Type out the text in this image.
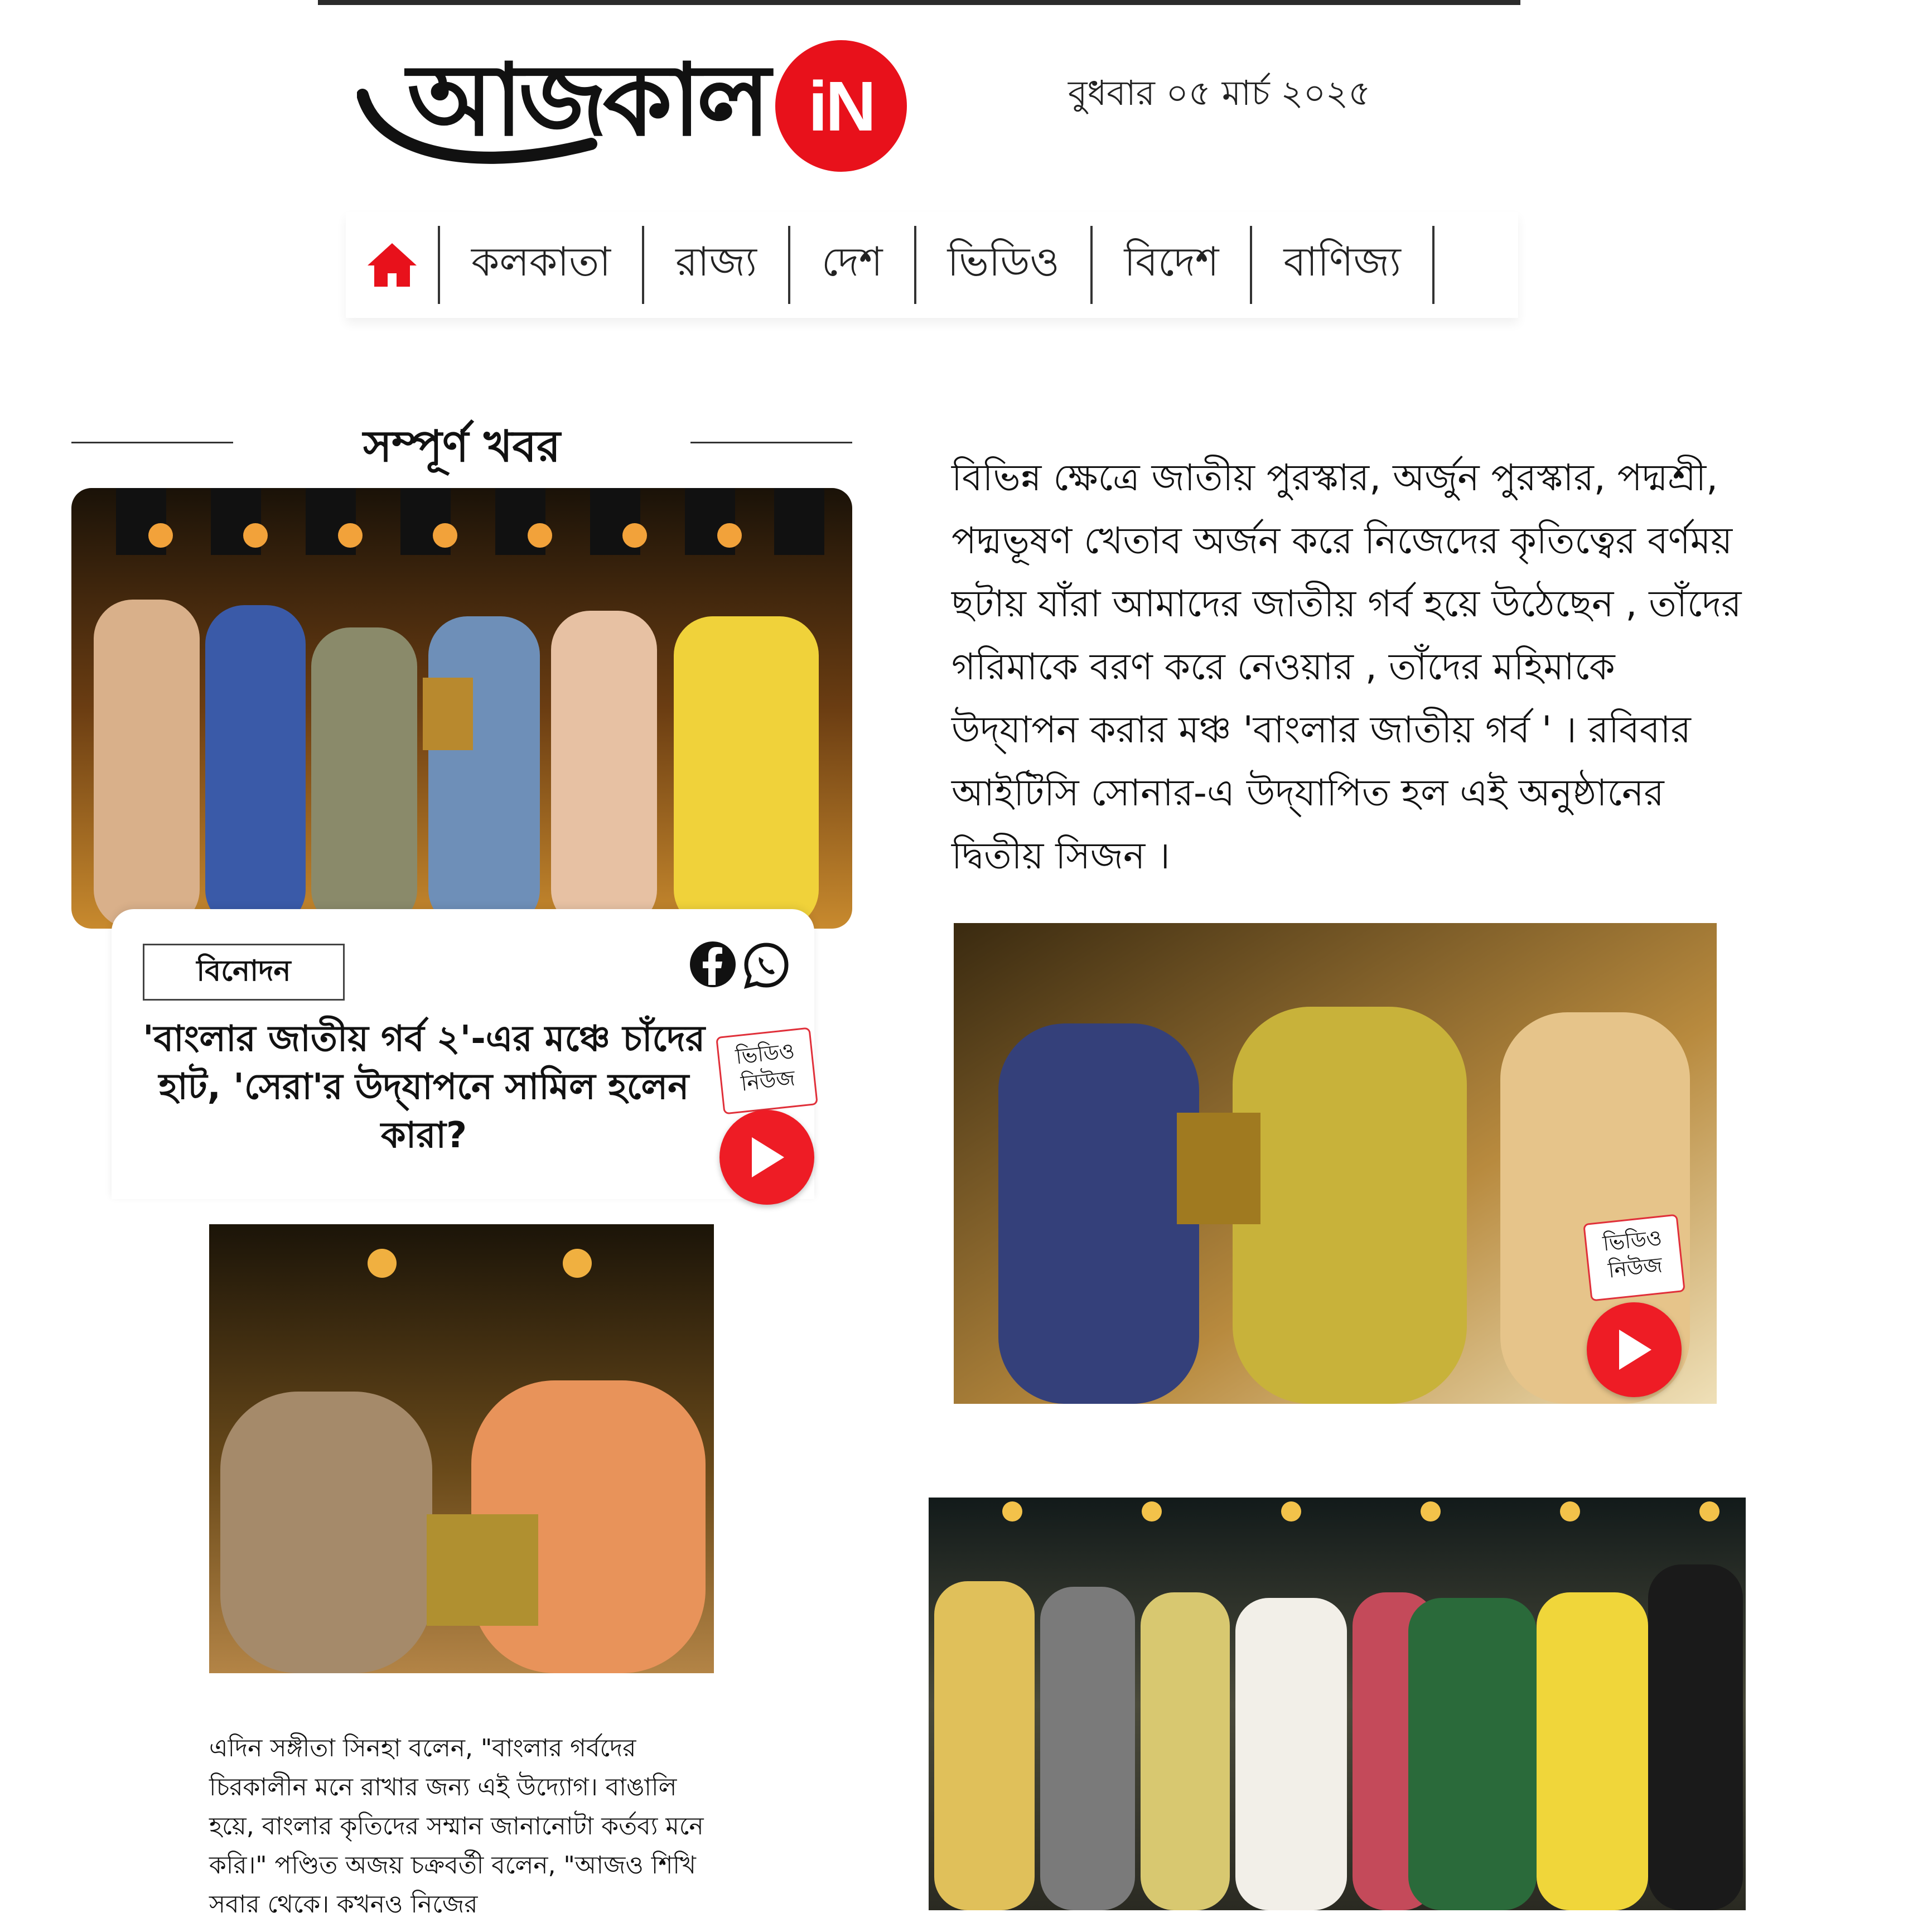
আজকাল iN	বুধবার ০৫ মার্চ ২০২৫
কলকাতা	রাজ্য	দেশ	ভিডিও	বিদেশ	বাণিজ্য
সম্পূর্ণ খবর
বিনোদন
'বাংলার জাতীয় গর্ব ২'-এর মঞ্চে চাঁদের হাট, 'সেরা'র উদ্‌যাপনে সামিল হলেন কারা?
ভিডিও
নিউজ
বিভিন্ন ক্ষেত্রে জাতীয় পুরস্কার, অর্জুন পুরস্কার, পদ্মশ্রী, পদ্মভূষণ খেতাব অর্জন করে নিজেদের কৃতিত্বের বর্ণময় ছটায় যাঁরা আমাদের জাতীয় গর্ব হয়ে উঠেছেন , তাঁদের গরিমাকে বরণ করে নেওয়ার , তাঁদের মহিমাকে উদ্‌যাপন করার মঞ্চ 'বাংলার জাতীয় গর্ব ' । রবিবার আইটিসি সোনার-এ উদ্‌যাপিত হল এই অনুষ্ঠানের দ্বিতীয় সিজন ।
ভিডিও
নিউজ
এদিন সঙ্গীতা সিনহা বলেন, "বাংলার গর্বদের চিরকালীন মনে রাখার জন্য এই উদ্যোগ। বাঙালি হয়ে, বাংলার কৃতিদের সম্মান জানানোটা কর্তব্য মনে করি।" পণ্ডিত অজয় চক্রবর্তী বলেন, "আজও শিখি সবার থেকে। কখনও নিজের
